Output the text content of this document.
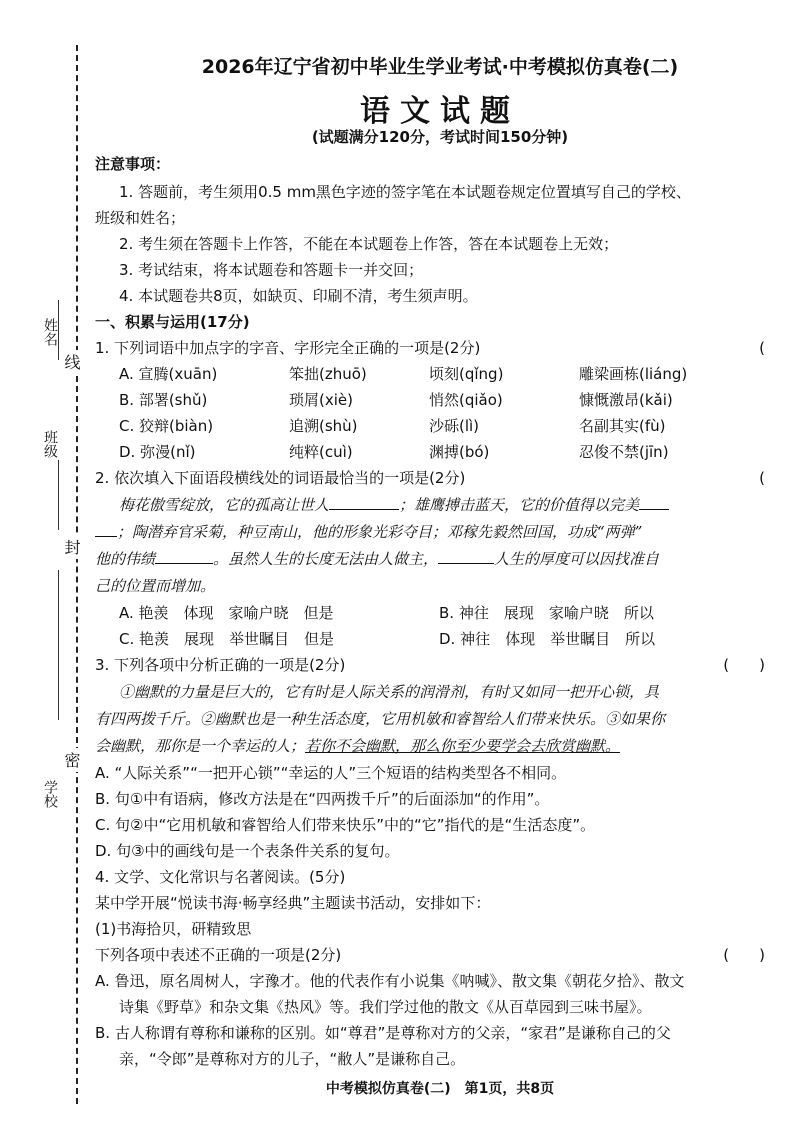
姓名
线
班级
封
密
学校
2026年辽宁省初中毕业生学业考试·中考模拟仿真卷(二)
语文试题
(试题满分120分，考试时间150分钟)
注意事项：
1. 答题前，考生须用0.5 mm黑色字迹的签字笔在本试题卷规定位置填写自己的学校、
班级和姓名；
2. 考生须在答题卡上作答，不能在本试题卷上作答，答在本试题卷上无效；
3. 考试结束，将本试题卷和答题卡一并交回；
4. 本试题卷共8页，如缺页、印刷不清，考生须声明。
一、积累与运用(17分)
1. 下列词语中加点字的字音、字形完全正确的一项是(2分)	(
A. 宣腾(xuān)	笨拙(zhuō)	顷刻(qǐng)	雕梁画栋(liáng)
B. 部署(shǔ)	琐屑(xiè)	悄然(qiǎo)	慷慨激昂(kǎi)
C. 狡辩(biàn)	追溯(shù)	沙砾(lì)	名副其实(fù)
D. 弥漫(nǐ)	纯粹(cuì)	渊搏(bó)	忍俊不禁(jīn)
2. 依次填入下面语段横线处的词语最恰当的一项是(2分)	(
梅花傲雪绽放，它的孤高让世人	；雄鹰搏击蓝天，它的价值得以完美
；陶潜弃官采菊，种豆南山，他的形象光彩夺目；邓稼先毅然回国，功成“两弹”
他的伟绩	。虽然人生的长度无法由人做主，	人生的厚度可以因找准自
己的位置而增加。
A. 艳羡　体现　家喻户晓　但是	B. 神往　展现　家喻户晓　所以
C. 艳羡　展现　举世瞩目　但是	D. 神往　体现　举世瞩目　所以
3. 下列各项中分析正确的一项是(2分)	(　　)
①幽默的力量是巨大的，它有时是人际关系的润滑剂，有时又如同一把开心锁，具
有四两拨千斤。②幽默也是一种生活态度，它用机敏和睿智给人们带来快乐。③如果你
会幽默，那你是一个幸运的人；若你不会幽默，那么你至少要学会去欣赏幽默。
A. “人际关系”“一把开心锁”“幸运的人”三个短语的结构类型各不相同。
B. 句①中有语病，修改方法是在“四两拨千斤”的后面添加“的作用”。
C. 句②中“它用机敏和睿智给人们带来快乐”中的“它”指代的是“生活态度”。
D. 句③中的画线句是一个表条件关系的复句。
4. 文学、文化常识与名著阅读。(5分)
某中学开展“悦读书海·畅享经典”主题读书活动，安排如下：
(1)书海拾贝，研精致思
下列各项中表述不正确的一项是(2分)	(　　)
A. 鲁迅，原名周树人，字豫才。他的代表作有小说集《呐喊》、散文集《朝花夕拾》、散文
诗集《野草》和杂文集《热风》等。我们学过他的散文《从百草园到三味书屋》。
B. 古人称谓有尊称和谦称的区别。如“尊君”是尊称对方的父亲，“家君”是谦称自己的父
亲，“令郎”是尊称对方的儿子，“敝人”是谦称自己。
中考模拟仿真卷(二)　第1页，共8页
